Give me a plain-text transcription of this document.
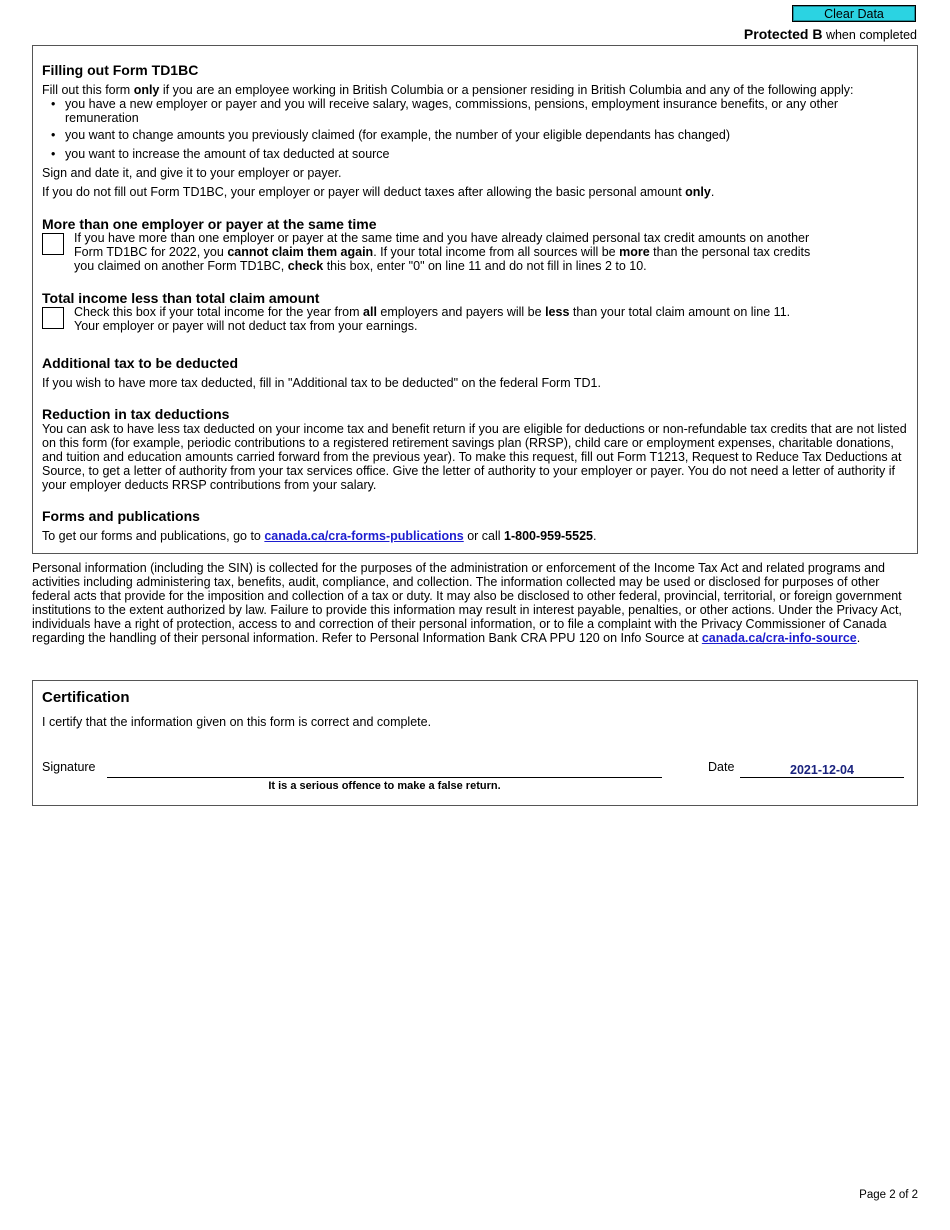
Clear Data
Protected B when completed
Filling out Form TD1BC
Fill out this form only if you are an employee working in British Columbia or a pensioner residing in British Columbia and any of the following apply:
• you have a new employer or payer and you will receive salary, wages, commissions, pensions, employment insurance benefits, or any other remuneration
• you want to change amounts you previously claimed (for example, the number of your eligible dependants has changed)
• you want to increase the amount of tax deducted at source
Sign and date it, and give it to your employer or payer.
If you do not fill out Form TD1BC, your employer or payer will deduct taxes after allowing the basic personal amount only.
More than one employer or payer at the same time
If you have more than one employer or payer at the same time and you have already claimed personal tax credit amounts on another Form TD1BC for 2022, you cannot claim them again. If your total income from all sources will be more than the personal tax credits you claimed on another Form TD1BC, check this box, enter "0" on line 11 and do not fill in lines 2 to 10.
Total income less than total claim amount
Check this box if your total income for the year from all employers and payers will be less than your total claim amount on line 11.
Your employer or payer will not deduct tax from your earnings.
Additional tax to be deducted
If you wish to have more tax deducted, fill in "Additional tax to be deducted" on the federal Form TD1.
Reduction in tax deductions
You can ask to have less tax deducted on your income tax and benefit return if you are eligible for deductions or non-refundable tax credits that are not listed on this form (for example, periodic contributions to a registered retirement savings plan (RRSP), child care or employment expenses, charitable donations, and tuition and education amounts carried forward from the previous year). To make this request, fill out Form T1213, Request to Reduce Tax Deductions at Source, to get a letter of authority from your tax services office. Give the letter of authority to your employer or payer. You do not need a letter of authority if your employer deducts RRSP contributions from your salary.
Forms and publications
To get our forms and publications, go to canada.ca/cra-forms-publications or call 1-800-959-5525.
Personal information (including the SIN) is collected for the purposes of the administration or enforcement of the Income Tax Act and related programs and activities including administering tax, benefits, audit, compliance, and collection. The information collected may be used or disclosed for purposes of other federal acts that provide for the imposition and collection of a tax or duty. It may also be disclosed to other federal, provincial, territorial, or foreign government institutions to the extent authorized by law. Failure to provide this information may result in interest payable, penalties, or other actions. Under the Privacy Act, individuals have a right of protection, access to and correction of their personal information, or to file a complaint with the Privacy Commissioner of Canada regarding the handling of their personal information. Refer to Personal Information Bank CRA PPU 120 on Info Source at canada.ca/cra-info-source.
Certification
I certify that the information given on this form is correct and complete.
Signature
It is a serious offence to make a false return.
Date	2021-12-04
Page 2 of 2
